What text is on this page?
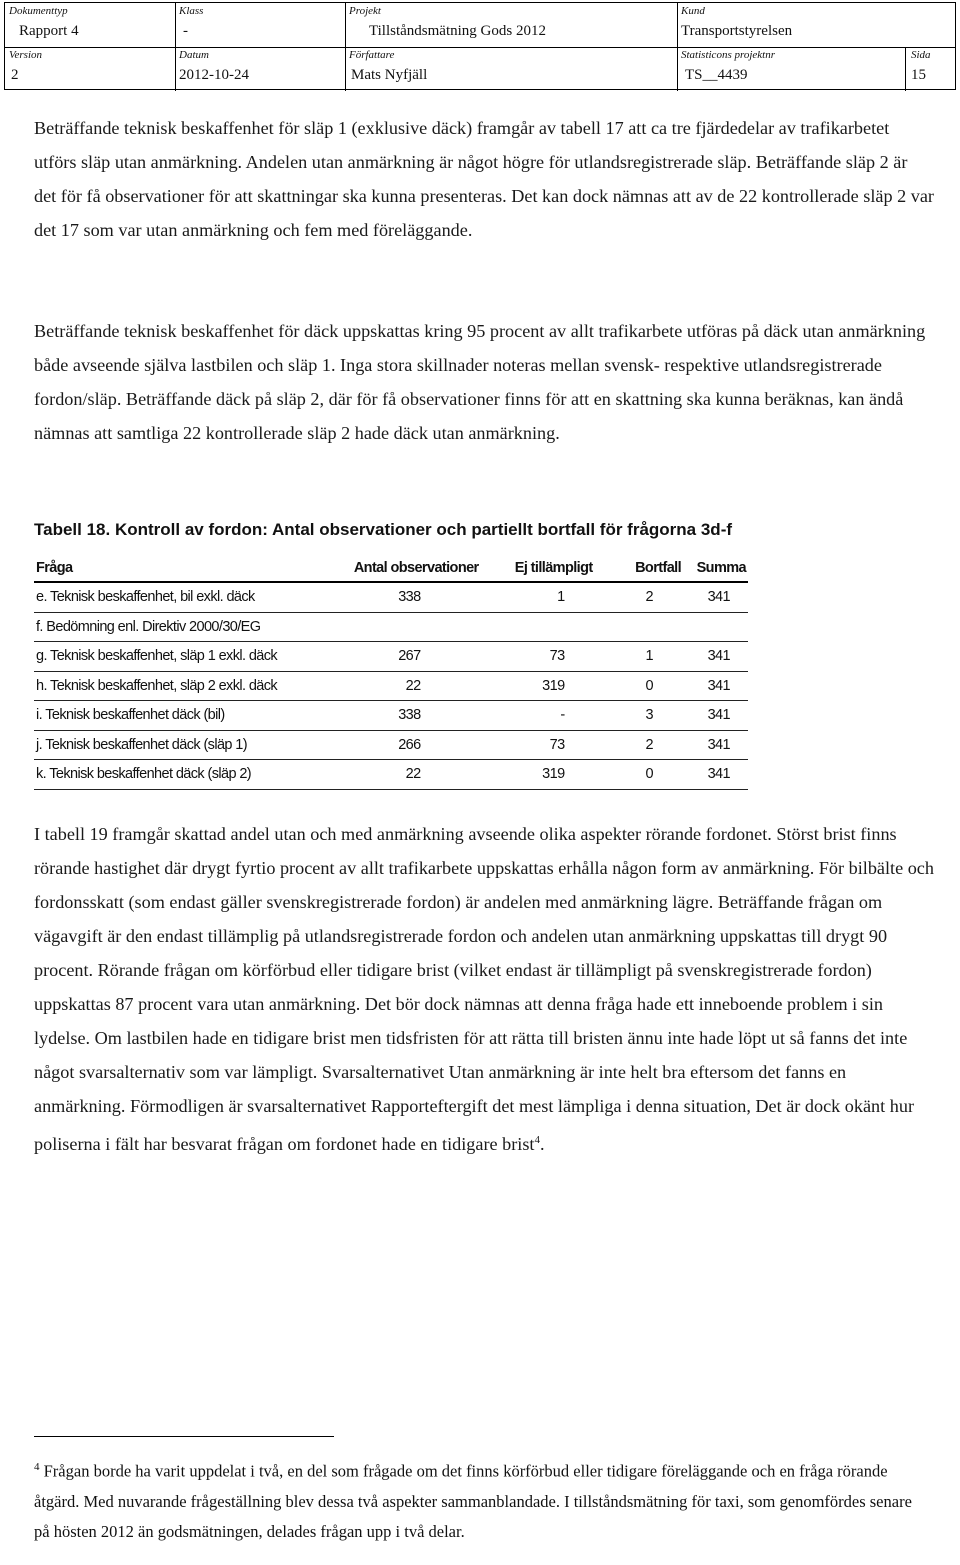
Dokumenttyp
Rapport 4
Klass
-
Projekt
Tillståndsmätning Gods 2012
Kund
Transportstyrelsen
Version
2
Datum
2012-10-24
Författare
Mats Nyfjäll
Statisticons projektnr
TS__4439
Sida
15

Beträffande teknisk beskaffenhet för släp 1 (exklusive däck) framgår av tabell 17 att ca tre fjärdedelar av trafikarbetet utförs släp utan anmärkning. Andelen utan anmärkning är något högre för utlandsregistrerade släp. Beträffande släp 2 är det för få observationer för att skattningar ska kunna presenteras. Det kan dock nämnas att av de 22 kontrollerade släp 2 var det 17 som var utan anmärkning och fem med föreläggande.

Beträffande teknisk beskaffenhet för däck uppskattas kring 95 procent av allt trafikarbete utföras på däck utan anmärkning både avseende själva lastbilen och släp 1. Inga stora skillnader noteras mellan svensk- respektive utlandsregistrerade fordon/släp. Beträffande däck på släp 2, där för få observationer finns för att en skattning ska kunna beräknas, kan ändå nämnas att samtliga 22 kontrollerade släp 2 hade däck utan anmärkning.

Tabell 18. Kontroll av fordon: Antal observationer och partiellt bortfall för frågorna 3d-f
Fråga	Antal observationer	Ej tillämpligt	Bortfall	Summa
e. Teknisk beskaffenhet, bil exkl. däck	338	1	2	341
f. Bedömning enl. Direktiv 2000/30/EG				
g. Teknisk beskaffenhet, släp 1 exkl. däck	267	73	1	341
h. Teknisk beskaffenhet, släp 2 exkl. däck	22	319	0	341
i. Teknisk beskaffenhet däck (bil)	338	-	3	341
j. Teknisk beskaffenhet däck (släp 1)	266	73	2	341
k. Teknisk beskaffenhet däck (släp 2)	22	319	0	341

I tabell 19 framgår skattad andel utan och med anmärkning avseende olika aspekter rörande fordonet. Störst brist finns rörande hastighet där drygt fyrtio procent av allt trafikarbete uppskattas erhålla någon form av anmärkning. För bilbälte och fordonsskatt (som endast gäller svenskregistrerade fordon) är andelen med anmärkning lägre. Beträffande frågan om vägavgift är den endast tillämplig på utlandsregistrerade fordon och andelen utan anmärkning uppskattas till drygt 90 procent. Rörande frågan om körförbud eller tidigare brist (vilket endast är tillämpligt på svenskregistrerade fordon) uppskattas 87 procent vara utan anmärkning. Det bör dock nämnas att denna fråga hade ett inneboende problem i sin lydelse. Om lastbilen hade en tidigare brist men tidsfristen för att rätta till bristen ännu inte hade löpt ut så fanns det inte något svarsalternativ som var lämpligt. Svarsalternativet Utan anmärkning är inte helt bra eftersom det fanns en anmärkning. Förmodligen är svarsalternativet Rapporteftergift det mest lämpliga i denna situation, Det är dock okänt hur poliserna i fält har besvarat frågan om fordonet hade en tidigare brist$^4$.

$^4$ Frågan borde ha varit uppdelat i två, en del som frågade om det finns körförbud eller tidigare föreläggande och en fråga rörande åtgärd. Med nuvarande frågeställning blev dessa två aspekter sammanblandade. I tillståndsmätning för taxi, som genomfördes senare på hösten 2012 än godsmätningen, delades frågan upp i två delar.
